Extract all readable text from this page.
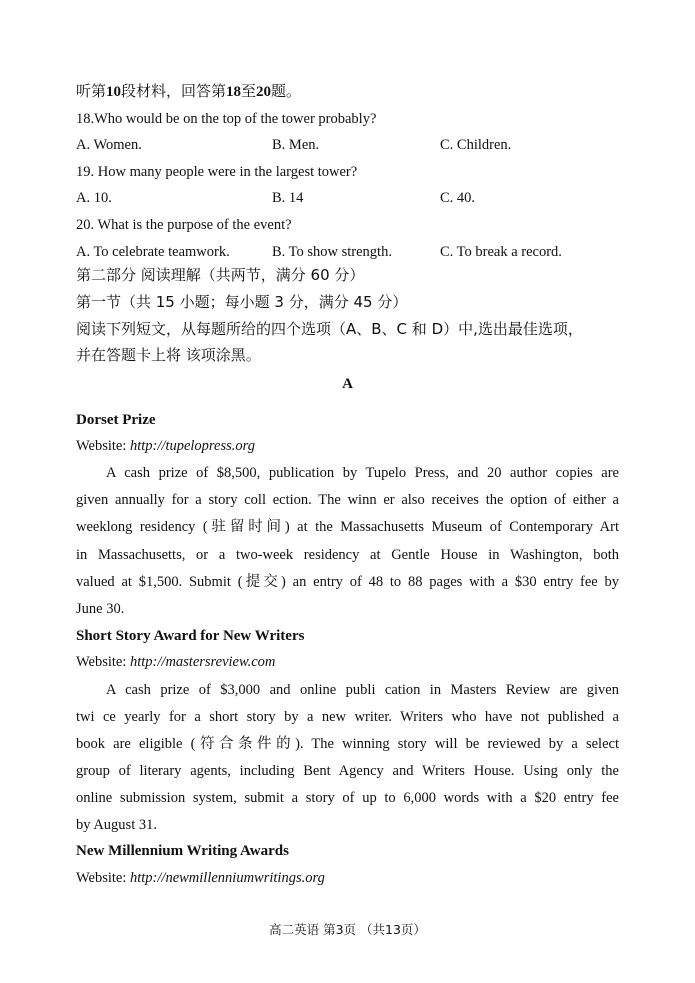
听第10段材料，回答第18至20题。
18.Who would be on the top of the tower probably?
A. Women.	B. Men.	C. Children.
19. How many people were in the largest tower?
A. 10.	B. 14	C. 40.
20. What is the purpose of the event?
A. To celebrate teamwork.	B. To show strength.	C. To break a record.
第二部分 阅读理解（共两节，满分 60 分）
第一节（共 15 小题；每小题 3 分，满分 45 分）
阅读下列短文，从每题所给的四个选项（A、B、C 和 D）中,选出最佳选项，
并在答题卡上将 该项涂黑。
A
Dorset Prize
Website: http://tupelopress.org
A cash prize of $8,500, publication by Tupelo Press, and 20 author copies are
given annually for a story coll ection. The winn er also receives the option of either a
weeklong residency (驻留时间) at the Massachusetts Museum of Contemporary Art
in Massachusetts, or a two-week residency at Gentle House in Washington, both
valued at $1,500. Submit (提交) an entry of 48 to 88 pages with a $30 entry fee by
June 30.
Short Story Award for New Writers
Website: http://mastersreview.com
A cash prize of $3,000 and online publi cation in Masters Review are given
twi ce yearly for a short story by a new writer. Writers who have not published a
book are eligible (符合条件的). The winning story will be reviewed by a select
group of literary agents, including Bent Agency and Writers House. Using only the
online submission system, submit a story of up to 6,000 words with a $20 entry fee
by August 31.
New Millennium Writing Awards
Website: http://newmillenniumwritings.org
高二英语 第3页 （共13页）
